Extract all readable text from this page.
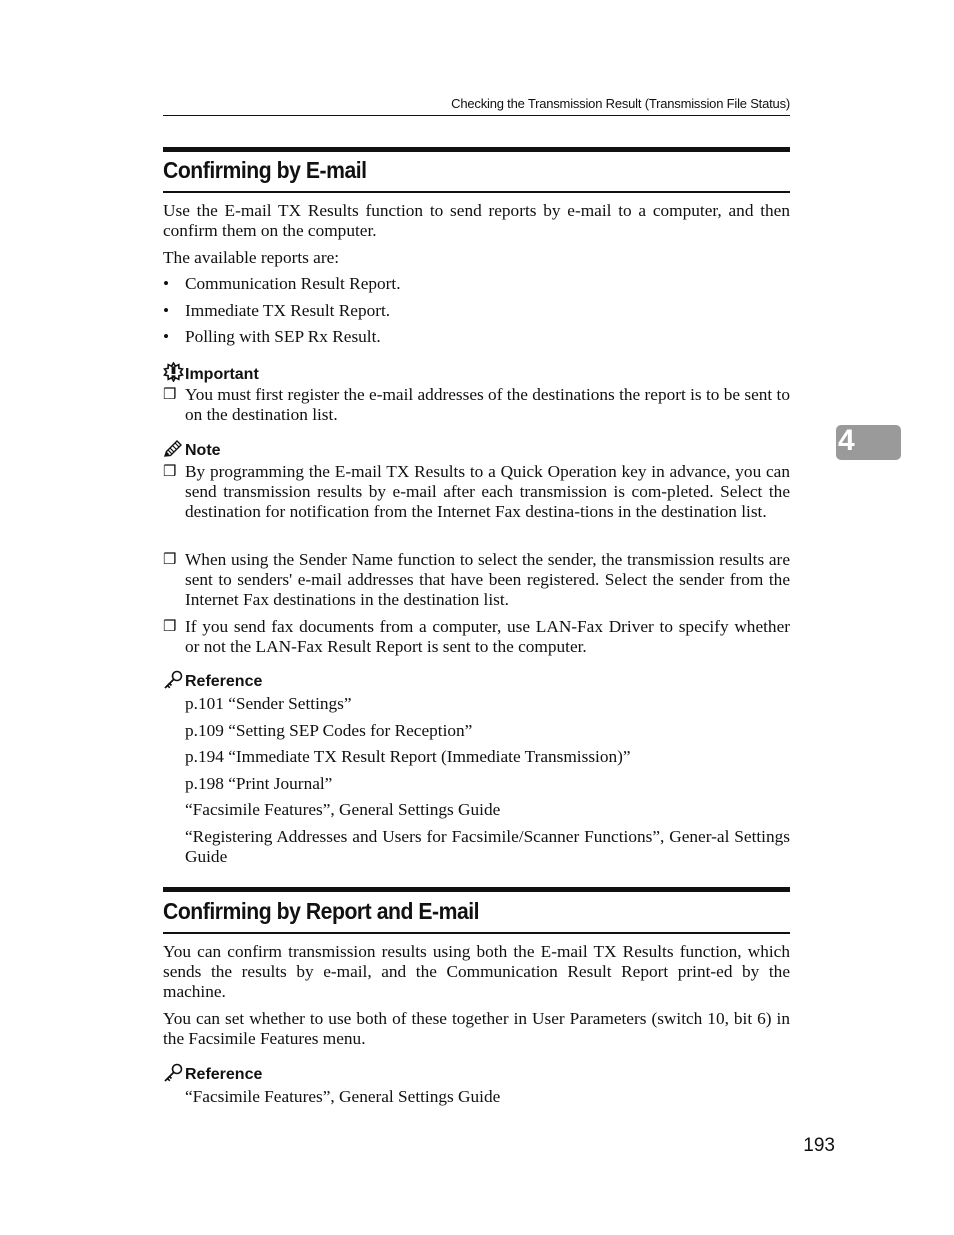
Checking the Transmission Result (Transmission File Status)
4
Confirming by E-mail
Use the E-mail TX Results function to send reports by e-mail to a computer, and then confirm them on the computer.
The available reports are:
• Communication Result Report.
• Immediate TX Result Report.
• Polling with SEP Rx Result.
Important
❒ You must first register the e-mail addresses of the destinations the report is to be sent to on the destination list.
Note
❒ By programming the E-mail TX Results to a Quick Operation key in advance, you can send transmission results by e-mail after each transmission is com-pleted. Select the destination for notification from the Internet Fax destina-tions in the destination list.
❒ When using the Sender Name function to select the sender, the transmission results are sent to senders' e-mail addresses that have been registered. Select the sender from the Internet Fax destinations in the destination list.
❒ If you send fax documents from a computer, use LAN-Fax Driver to specify whether or not the LAN-Fax Result Report is sent to the computer.
Reference
p.101 “Sender Settings”
p.109 “Setting SEP Codes for Reception”
p.194 “Immediate TX Result Report (Immediate Transmission)”
p.198 “Print Journal”
“Facsimile Features”, General Settings Guide
“Registering Addresses and Users for Facsimile/Scanner Functions”, Gener-al Settings Guide
Confirming by Report and E-mail
You can confirm transmission results using both the E-mail TX Results function, which sends the results by e-mail, and the Communication Result Report print-ed by the machine.
You can set whether to use both of these together in User Parameters (switch 10, bit 6) in the Facsimile Features menu.
Reference
“Facsimile Features”, General Settings Guide
193
